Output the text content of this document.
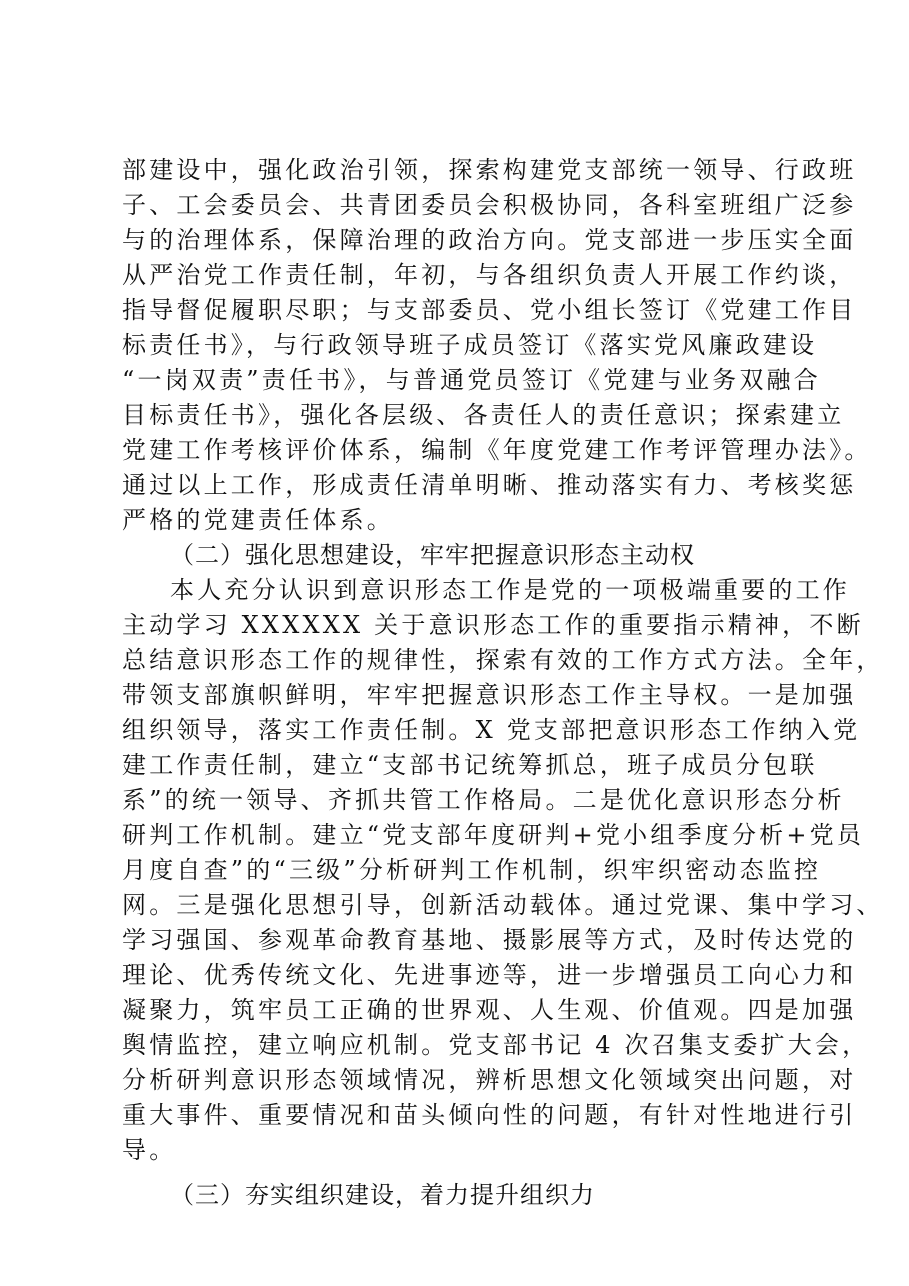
部建设中，强化政治引领，探索构建党支部统一领导、行政班
子、工会委员会、共青团委员会积极协同，各科室班组广泛参
与的治理体系，保障治理的政治方向。党支部进一步压实全面
从严治党工作责任制，年初，与各组织负责人开展工作约谈，
指导督促履职尽职；与支部委员、党小组长签订《党建工作目
标责任书》，与行政领导班子成员签订《落实党风廉政建设
“一岗双责”责任书》，与普通党员签订《党建与业务双融合
目标责任书》，强化各层级、各责任人的责任意识；探索建立
党建工作考核评价体系，编制《年度党建工作考评管理办法》。
通过以上工作，形成责任清单明晰、推动落实有力、考核奖惩
严格的党建责任体系。
（二）强化思想建设，牢牢把握意识形态主动权
本人充分认识到意识形态工作是党的一项极端重要的工作
主动学习 XXXXXX 关于意识形态工作的重要指示精神，不断
总结意识形态工作的规律性，探索有效的工作方式方法。全年，
带领支部旗帜鲜明，牢牢把握意识形态工作主导权。一是加强
组织领导，落实工作责任制。X 党支部把意识形态工作纳入党
建工作责任制，建立“支部书记统筹抓总，班子成员分包联
系”的统一领导、齐抓共管工作格局。二是优化意识形态分析
研判工作机制。建立“党支部年度研判+党小组季度分析+党员
月度自查”的“三级”分析研判工作机制，织牢织密动态监控
网。三是强化思想引导，创新活动载体。通过党课、集中学习、
学习强国、参观革命教育基地、摄影展等方式，及时传达党的
理论、优秀传统文化、先进事迹等，进一步增强员工向心力和
凝聚力，筑牢员工正确的世界观、人生观、价值观。四是加强
舆情监控，建立响应机制。党支部书记 4 次召集支委扩大会，
分析研判意识形态领域情况，辨析思想文化领域突出问题，对
重大事件、重要情况和苗头倾向性的问题，有针对性地进行引
导。
（三）夯实组织建设，着力提升组织力
